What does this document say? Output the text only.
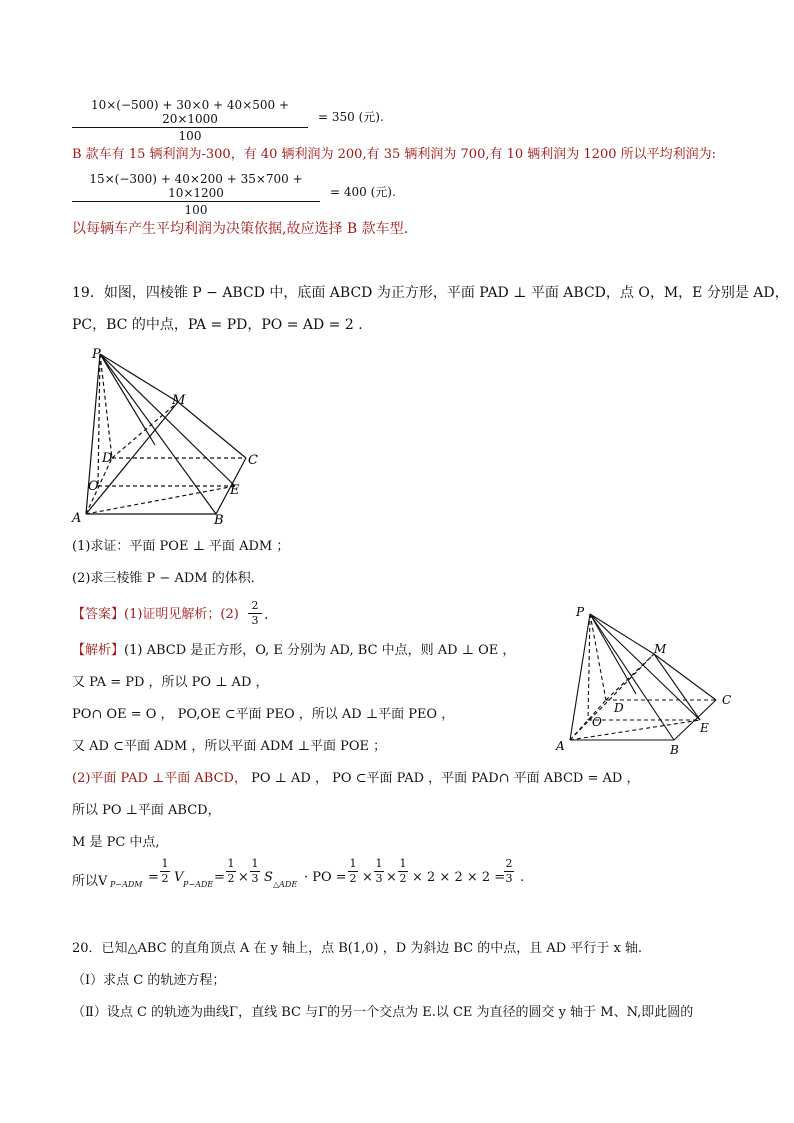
10×(−500) + 30×0 + 40×500 + 20×1000
100
= 350 (元).
B 款车有 15 辆利润为-300，有 40 辆利润为 200,有 35 辆利润为 700,有 10 辆利润为 1200 所以平均利润为:
15×(−300) + 40×200 + 35×700 + 10×1200
100
= 400 (元).
以每辆车产生平均利润为决策依据,故应选择 B 款车型.
19．如图，四棱锥 P − ABCD 中，底面 ABCD 为正方形，平面 PAD ⊥ 平面 ABCD，点 O，M，E 分别是 AD，
PC，BC 的中点，PA = PD，PO = AD = 2 .
P
M
D	C
O	E
A	B
(1)求证：平面 POE ⊥ 平面 ADM ；
(2)求三棱锥 P − ADM 的体积．
【答案】(1)证明见解析；(2)
2
3 .
【解析】(1) ABCD 是正方形，O, E 分别为 AD, BC 中点，则 AD ⊥ OE ，
又 PA = PD ，所以 PO ⊥ AD ，
PO∩ OE = O ， PO,OE ⊂平面 PEO ，所以 AD ⊥平面 PEO ，
又 AD ⊂平面 ADM ，所以平面 ADM ⊥平面 POE ；
(2)平面 PAD ⊥平面 ABCD， PO ⊥ AD ， PO ⊂平面 PAD ，平面 PAD∩ 平面 ABCD = AD ，
所以 PO ⊥平面 ABCD，
M 是 PC 中点,
所以V P−ADM =
1
2 V P−ADE =
1
2 ×
1
3 S △ADE · PO =
1
2 ×
1
3 ×
1
2 × 2 × 2 × 2 =
2
3 .
P
M
D
C
O	E
A	B
20．已知△ABC 的直角顶点 A 在 y 轴上，点 B(1,0) ，D 为斜边 BC 的中点，且 AD 平行于 x 轴.
（Ⅰ）求点 C 的轨迹方程；
（Ⅱ）设点 C 的轨迹为曲线Γ，直线 BC 与Γ的另一个交点为 E.以 CE 为直径的圆交 y 轴于 M、N,即此圆的
